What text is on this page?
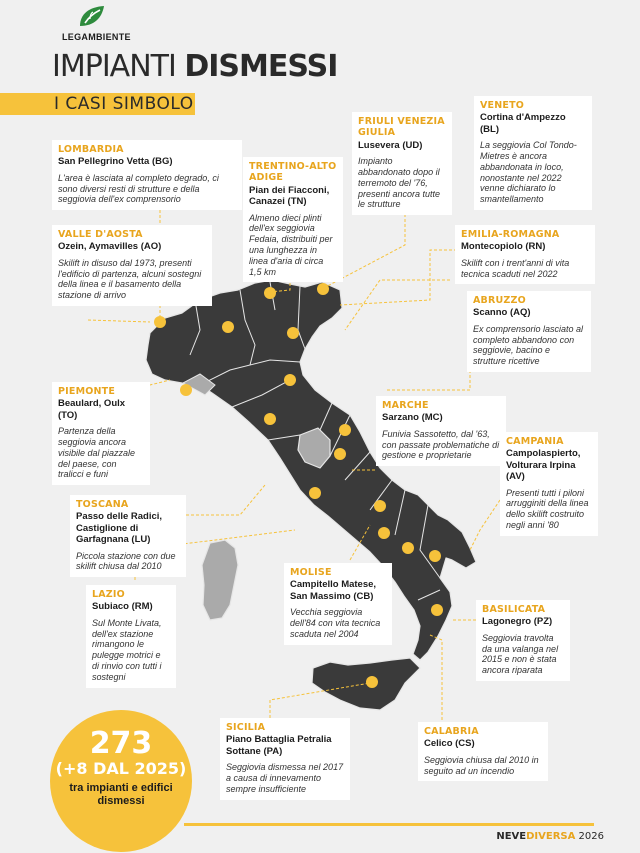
LEGAMBIENTE
IMPIANTI DISMESSI
I CASI SIMBOLO
LOMBARDIA
San Pellegrino Vetta (BG)
L'area è lasciata al completo degrado, ci sono diversi resti di strutture e della seggiovia dell'ex comprensorio
TRENTINO-ALTO ADIGE
Pian dei Fiacconi, Canazei (TN)
Almeno dieci plinti dell'ex seggiovia Fedaia, distribuiti per una lunghezza in linea d'aria di circa 1,5 km
FRIULI VENEZIA GIULIA
Lusevera (UD)
Impianto abbandonato dopo il terremoto del '76, presenti ancora tutte le strutture
VENETO
Cortina d'Ampezzo (BL)
La seggiovia Col Tondo-Mietres è ancora abbandonata in loco, nonostante nel 2022 venne dichiarato lo smantellamento
VALLE D'AOSTA
Ozein, Aymavilles (AO)
Skilift in disuso dal 1973, presenti l'edificio di partenza, alcuni sostegni della linea e il basamento della stazione di arrivo
EMILIA-ROMAGNA
Montecopiolo (RN)
Skilift con i trent'anni di vita tecnica scaduti nel 2022
ABRUZZO
Scanno (AQ)
Ex comprensorio lasciato al completo abbandono con seggiovie, bacino e strutture ricettive
PIEMONTE
Beaulard, Oulx (TO)
Partenza della seggiovia ancora visibile dal piazzale del paese, con tralicci e funi
MARCHE
Sarzano (MC)
Funivia Sassotetto, dal '63, con passate problematiche di gestione e proprietarie
CAMPANIA
Campolaspierto, Volturara Irpina (AV)
Presenti tutti i piloni arrugginiti della linea dello skilift costruito negli anni '80
TOSCANA
Passo delle Radici, Castiglione di Garfagnana (LU)
Piccola stazione con due skilift chiusa dal 2010
MOLISE
Campitello Matese, San Massimo (CB)
Vecchia seggiovia dell'84 con vita tecnica scaduta nel 2004
LAZIO
Subiaco (RM)
Sul Monte Livata, dell'ex stazione rimangono le pulegge motrici e di rinvio con tutti i sostegni
BASILICATA
Lagonegro (PZ)
Seggiovia travolta da una valanga nel 2015 e non è stata ancora riparata
SICILIA
Piano Battaglia Petralia Sottane (PA)
Seggiovia dismessa nel 2017 a causa di innevamento sempre insufficiente
CALABRIA
Celico (CS)
Seggiovia chiusa dal 2010 in seguito ad un incendio
273
(+8 DAL 2025)
tra impianti e edifici dismessi
NEVEDIVERSA 2026
